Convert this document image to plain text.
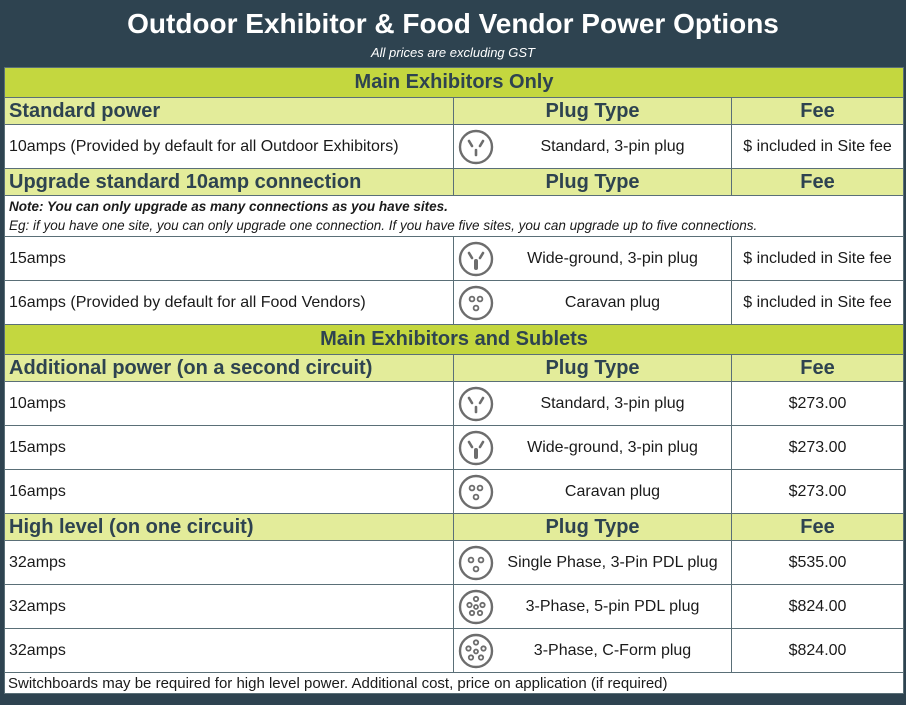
Outdoor Exhibitor & Food Vendor Power Options
All prices are excluding GST
Main Exhibitors Only		
Standard power	Plug Type	Fee
10amps (Provided by default for all Outdoor Exhibitors)	Standard, 3-pin plug	$ included in Site fee
Upgrade standard 10amp connection	Plug Type	Fee

Note: You can only upgrade as many connections as you have sites.
Eg: if you have one site, you can only upgrade one connection. If you have five sites, you can upgrade up to five connections.		

15amps	Wide-ground, 3-pin plug	$ included in Site fee
16amps (Provided by default for all Food Vendors)	Caravan plug	$ included in Site fee
Main Exhibitors and Sublets		
Additional power (on a second circuit)	Plug Type	Fee
10amps	Standard, 3-pin plug	$273.00
15amps	Wide-ground, 3-pin plug	$273.00
16amps	Caravan plug	$273.00
High level (on one circuit)	Plug Type	Fee
32amps	Single Phase, 3-Pin PDL plug	$535.00
32amps	3-Phase, 5-pin PDL plug	$824.00
32amps	3-Phase, C-Form plug	$824.00
Switchboards may be required for high level power. Additional cost, price on application (if required)		
